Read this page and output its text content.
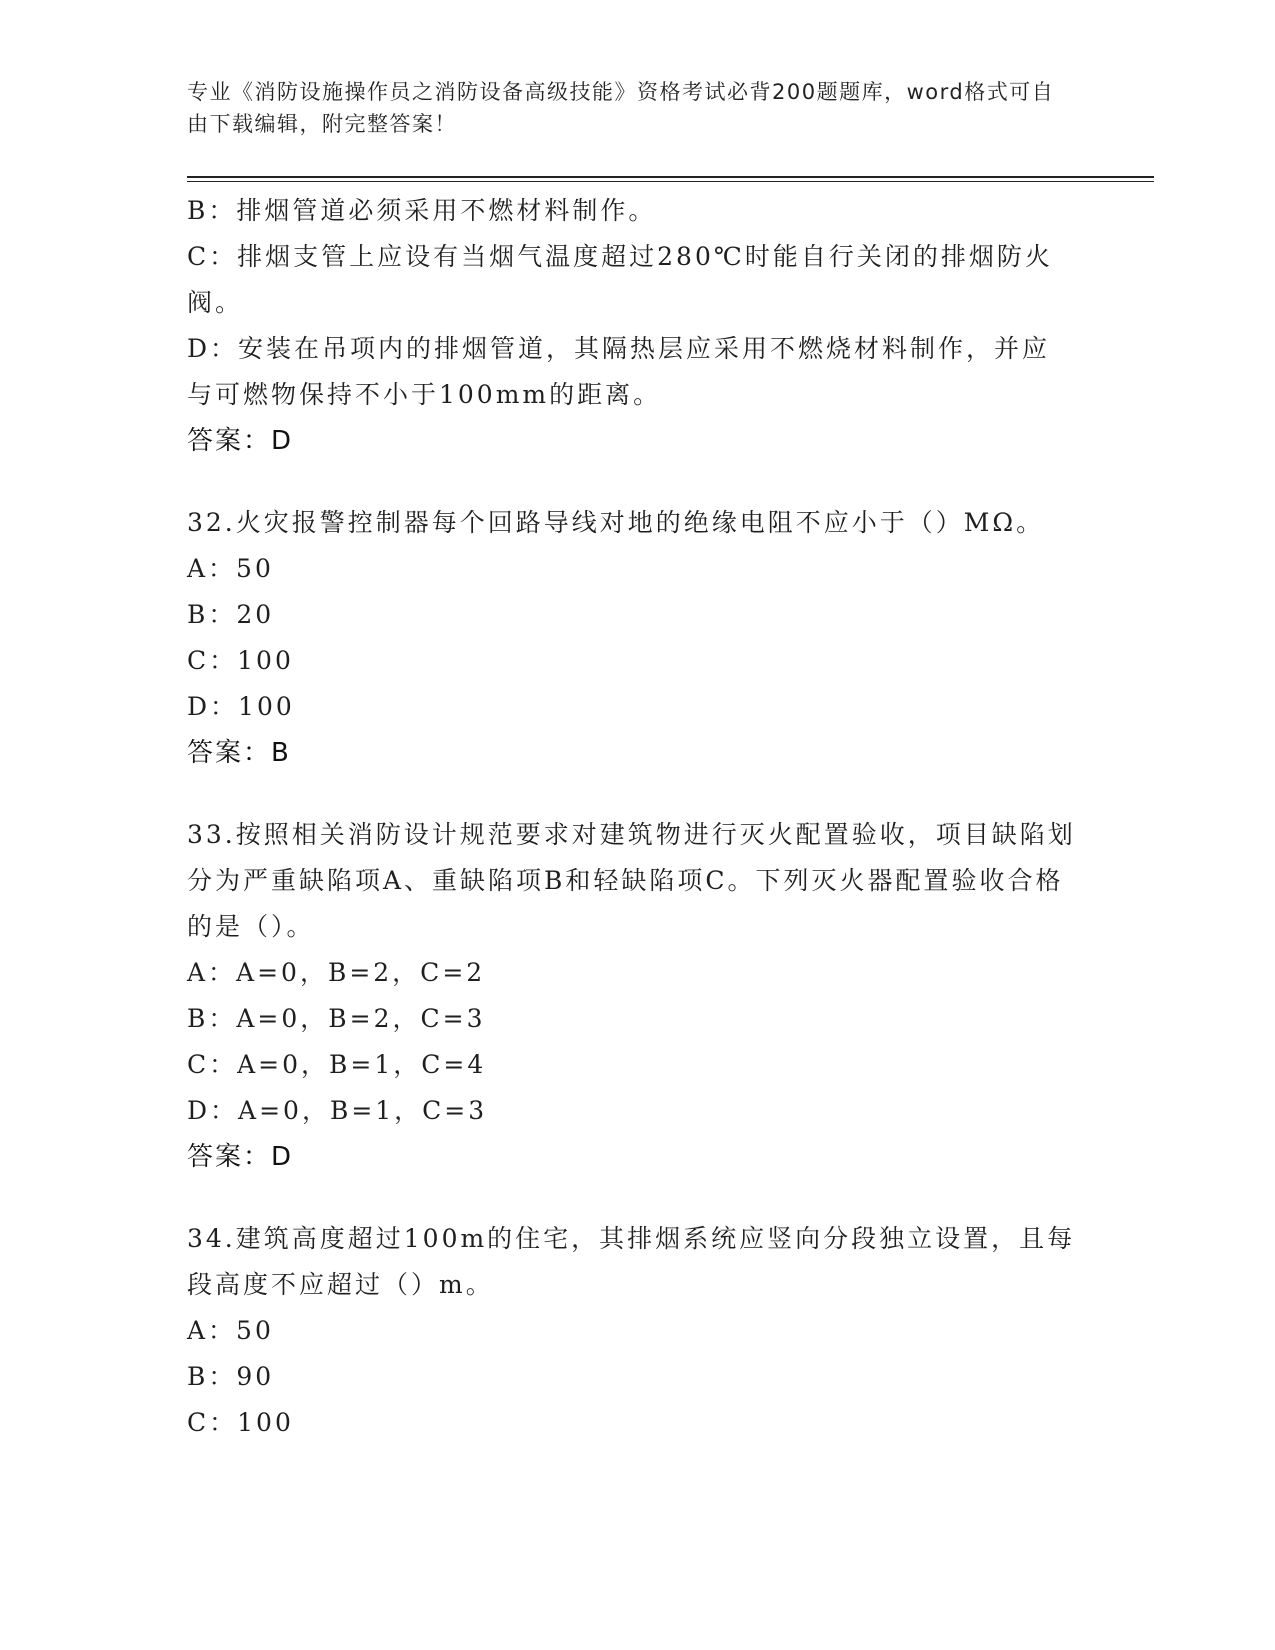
专业《消防设施操作员之消防设备高级技能》资格考试必背200题题库，word格式可自由下载编辑，附完整答案！
B：排烟管道必须采用不燃材料制作。
C：排烟支管上应设有当烟气温度超过280℃时能自行关闭的排烟防火阀。
D：安装在吊项内的排烟管道，其隔热层应采用不燃烧材料制作，并应与可燃物保持不小于100mm的距离。
答案：D
32.火灾报警控制器每个回路导线对地的绝缘电阻不应小于（）MΩ。
A：50
B：20
C：100
D：100
答案：B
33.按照相关消防设计规范要求对建筑物进行灭火配置验收，项目缺陷划分为严重缺陷项A、重缺陷项B和轻缺陷项C。下列灭火器配置验收合格的是（）。
A：A=0，B=2，C=2
B：A=0，B=2，C=3
C：A=0，B=1，C=4
D：A=0，B=1，C=3
答案：D
34.建筑高度超过100m的住宅，其排烟系统应竖向分段独立设置，且每段高度不应超过（）m。
A：50
B：90
C：100
